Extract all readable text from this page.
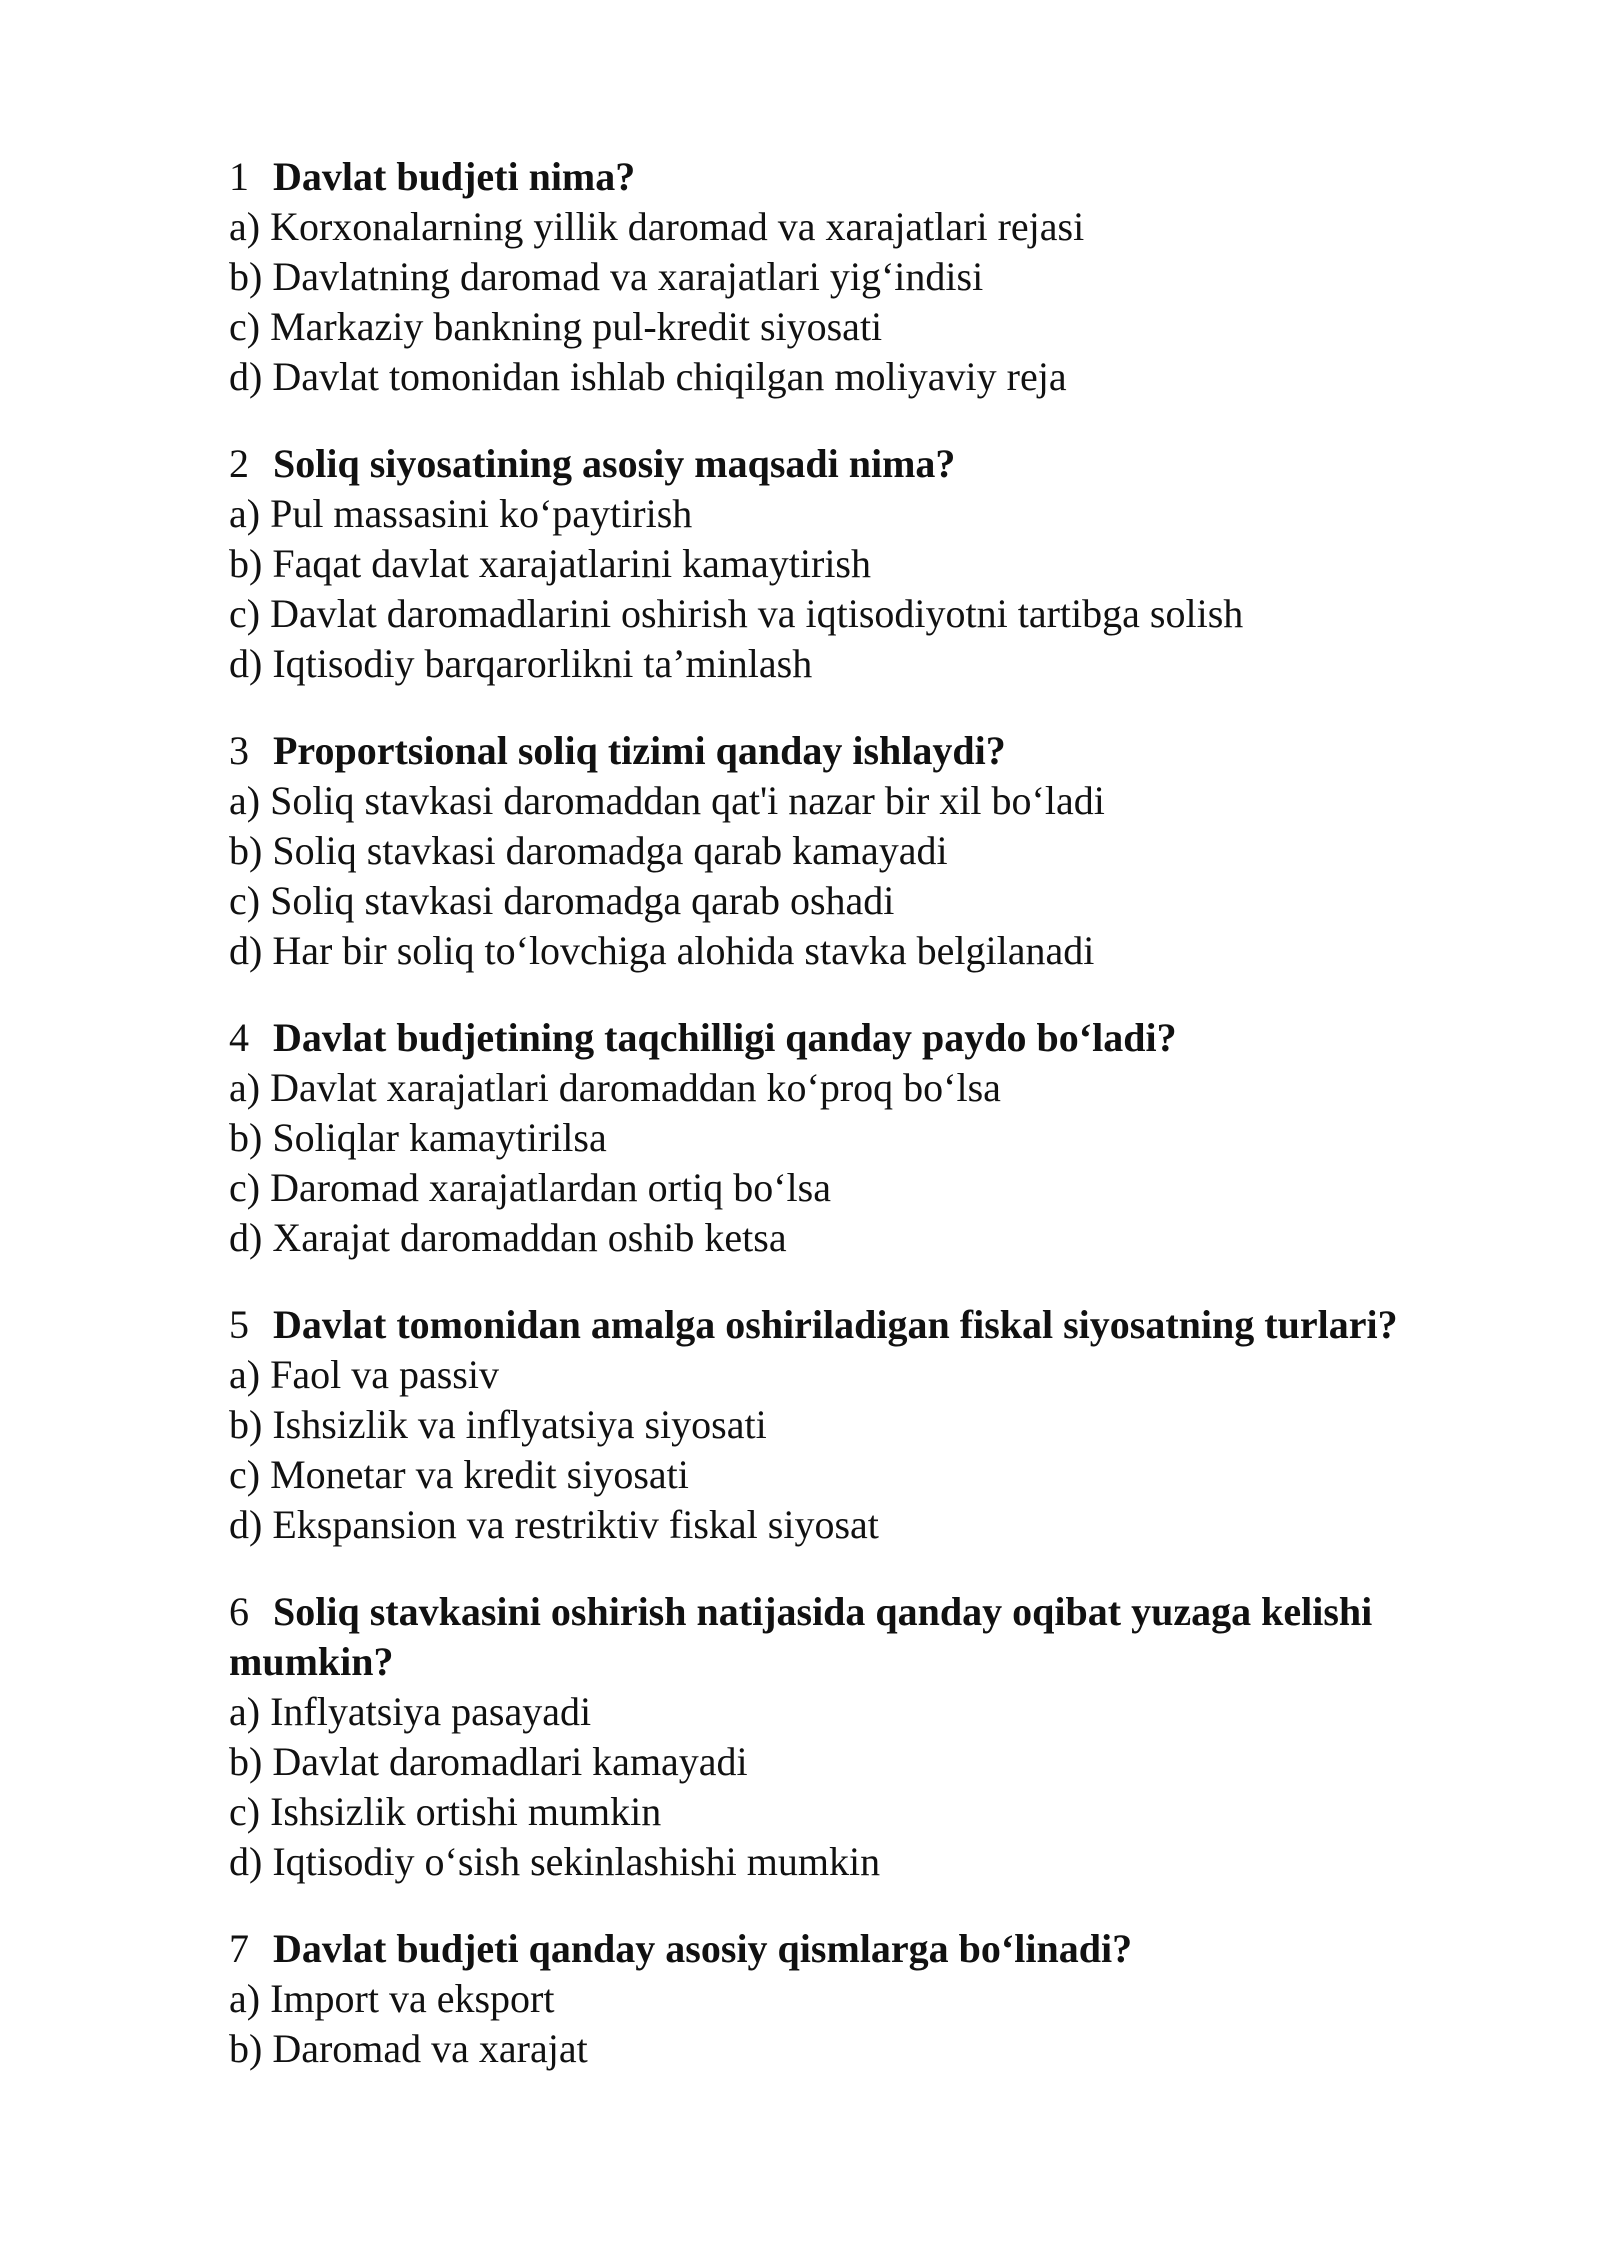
1 Davlat budjeti nima?

a) Korxonalarning yillik daromad va xarajatlari rejasi

b) Davlatning daromad va xarajatlari yig‘indisi

c) Markaziy bankning pul-kredit siyosati

d) Davlat tomonidan ishlab chiqilgan moliyaviy reja

2 Soliq siyosatining asosiy maqsadi nima?

a) Pul massasini ko‘paytirish

b) Faqat davlat xarajatlarini kamaytirish

c) Davlat daromadlarini oshirish va iqtisodiyotni tartibga solish

d) Iqtisodiy barqarorlikni ta’minlash

3 Proportsional soliq tizimi qanday ishlaydi?

a) Soliq stavkasi daromaddan qat'i nazar bir xil bo‘ladi

b) Soliq stavkasi daromadga qarab kamayadi

c) Soliq stavkasi daromadga qarab oshadi

d) Har bir soliq to‘lovchiga alohida stavka belgilanadi

4 Davlat budjetining taqchilligi qanday paydo bo‘ladi?

a) Davlat xarajatlari daromaddan ko‘proq bo‘lsa

b) Soliqlar kamaytirilsa

c) Daromad xarajatlardan ortiq bo‘lsa

d) Xarajat daromaddan oshib ketsa

5 Davlat tomonidan amalga oshiriladigan fiskal siyosatning turlari?

a) Faol va passiv

b) Ishsizlik va inflyatsiya siyosati

c) Monetar va kredit siyosati

d) Ekspansion va restriktiv fiskal siyosat

6 Soliq stavkasini oshirish natijasida qanday oqibat yuzaga kelishi mumkin?

a) Inflyatsiya pasayadi

b) Davlat daromadlari kamayadi

c) Ishsizlik ortishi mumkin

d) Iqtisodiy o‘sish sekinlashishi mumkin

7 Davlat budjeti qanday asosiy qismlarga bo‘linadi?

a) Import va eksport

b) Daromad va xarajat
